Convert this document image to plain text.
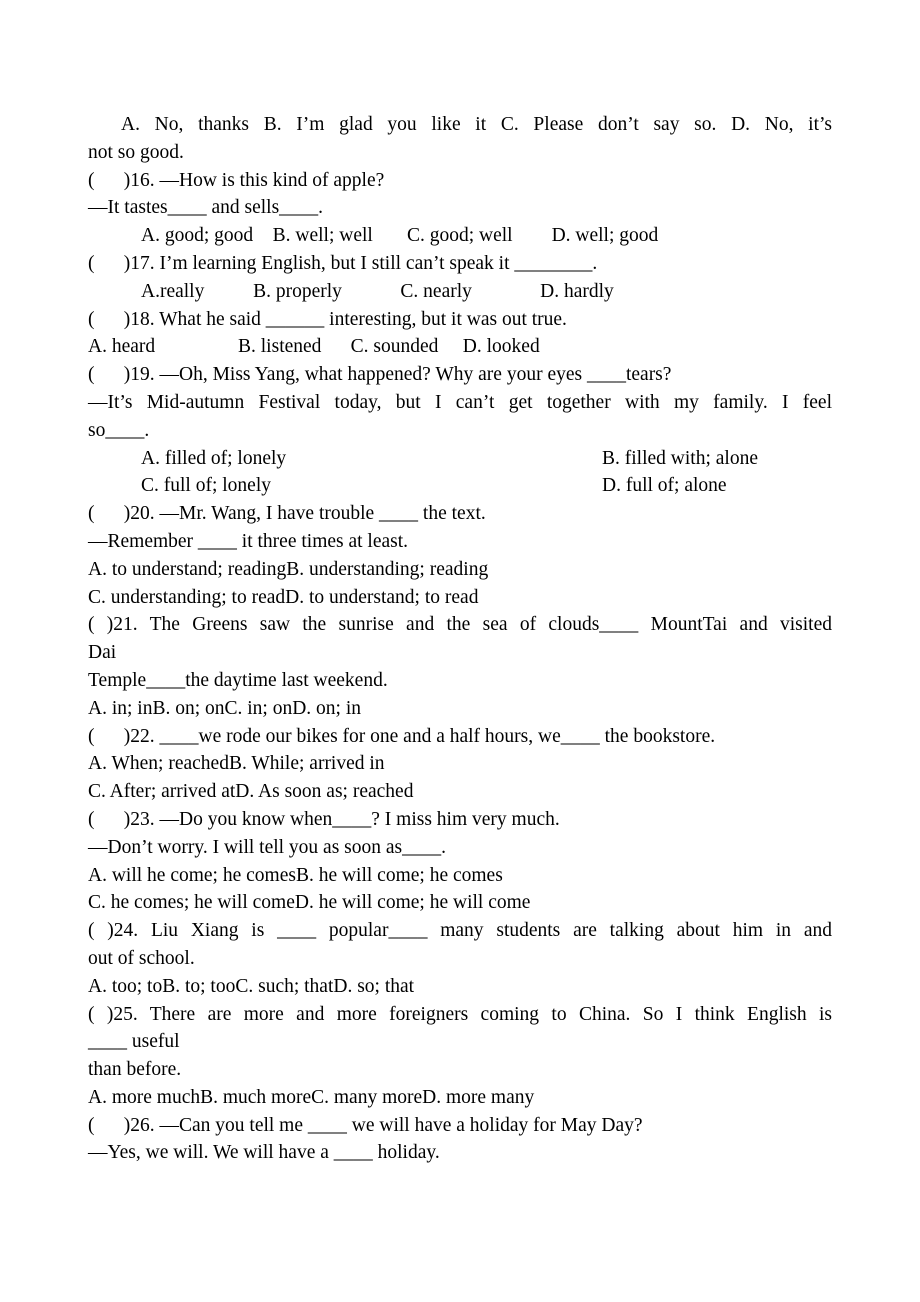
A. No, thanks B. I’m glad you like it C. Please don’t say so. D. No, it’s
not so good.
(      )16. —How is this kind of apple?
—It tastes____ and sells____.
A. good; good    B. well; well       C. good; well        D. well; good
(      )17. I’m learning English, but I still can’t speak it ________.
A.really          B. properly            C. nearly              D. hardly
(      )18. What he said ______ interesting, but it was out true.
A. heard                 B. listened      C. sounded     D. looked
(      )19. —Oh, Miss Yang, what happened? Why are your eyes ____tears?
—It’s Mid-autumn Festival today, but I can’t get together with my family. I feel
so____.
A. filled of; lonely	B. filled with; alone
C. full of; lonely	D. full of; alone
(      )20. —Mr. Wang, I have trouble ____ the text.
—Remember ____ it three times at least.
A. to understand; readingB. understanding; reading
C. understanding; to readD. to understand; to read
( )21. The Greens saw the sunrise and the sea of clouds____ MountTai and visited
Dai
Temple____the daytime last weekend.
A. in; inB. on; onC. in; onD. on; in
(      )22. ____we rode our bikes for one and a half hours, we____ the bookstore.
A. When; reachedB. While; arrived in
C. After; arrived atD. As soon as; reached
(      )23. —Do you know when____? I miss him very much.
—Don’t worry. I will tell you as soon as____.
A. will he come; he comesB. he will come; he comes
C. he comes; he will comeD. he will come; he will come
( )24. Liu Xiang is ____ popular____ many students are talking about him in and
out of school.
A. too; toB. to; tooC. such; thatD. so; that
( )25. There are more and more foreigners coming to China. So I think English is
____ useful
than before.
A. more muchB. much moreC. many moreD. more many
(      )26. —Can you tell me ____ we will have a holiday for May Day?
—Yes, we will. We will have a ____ holiday.
